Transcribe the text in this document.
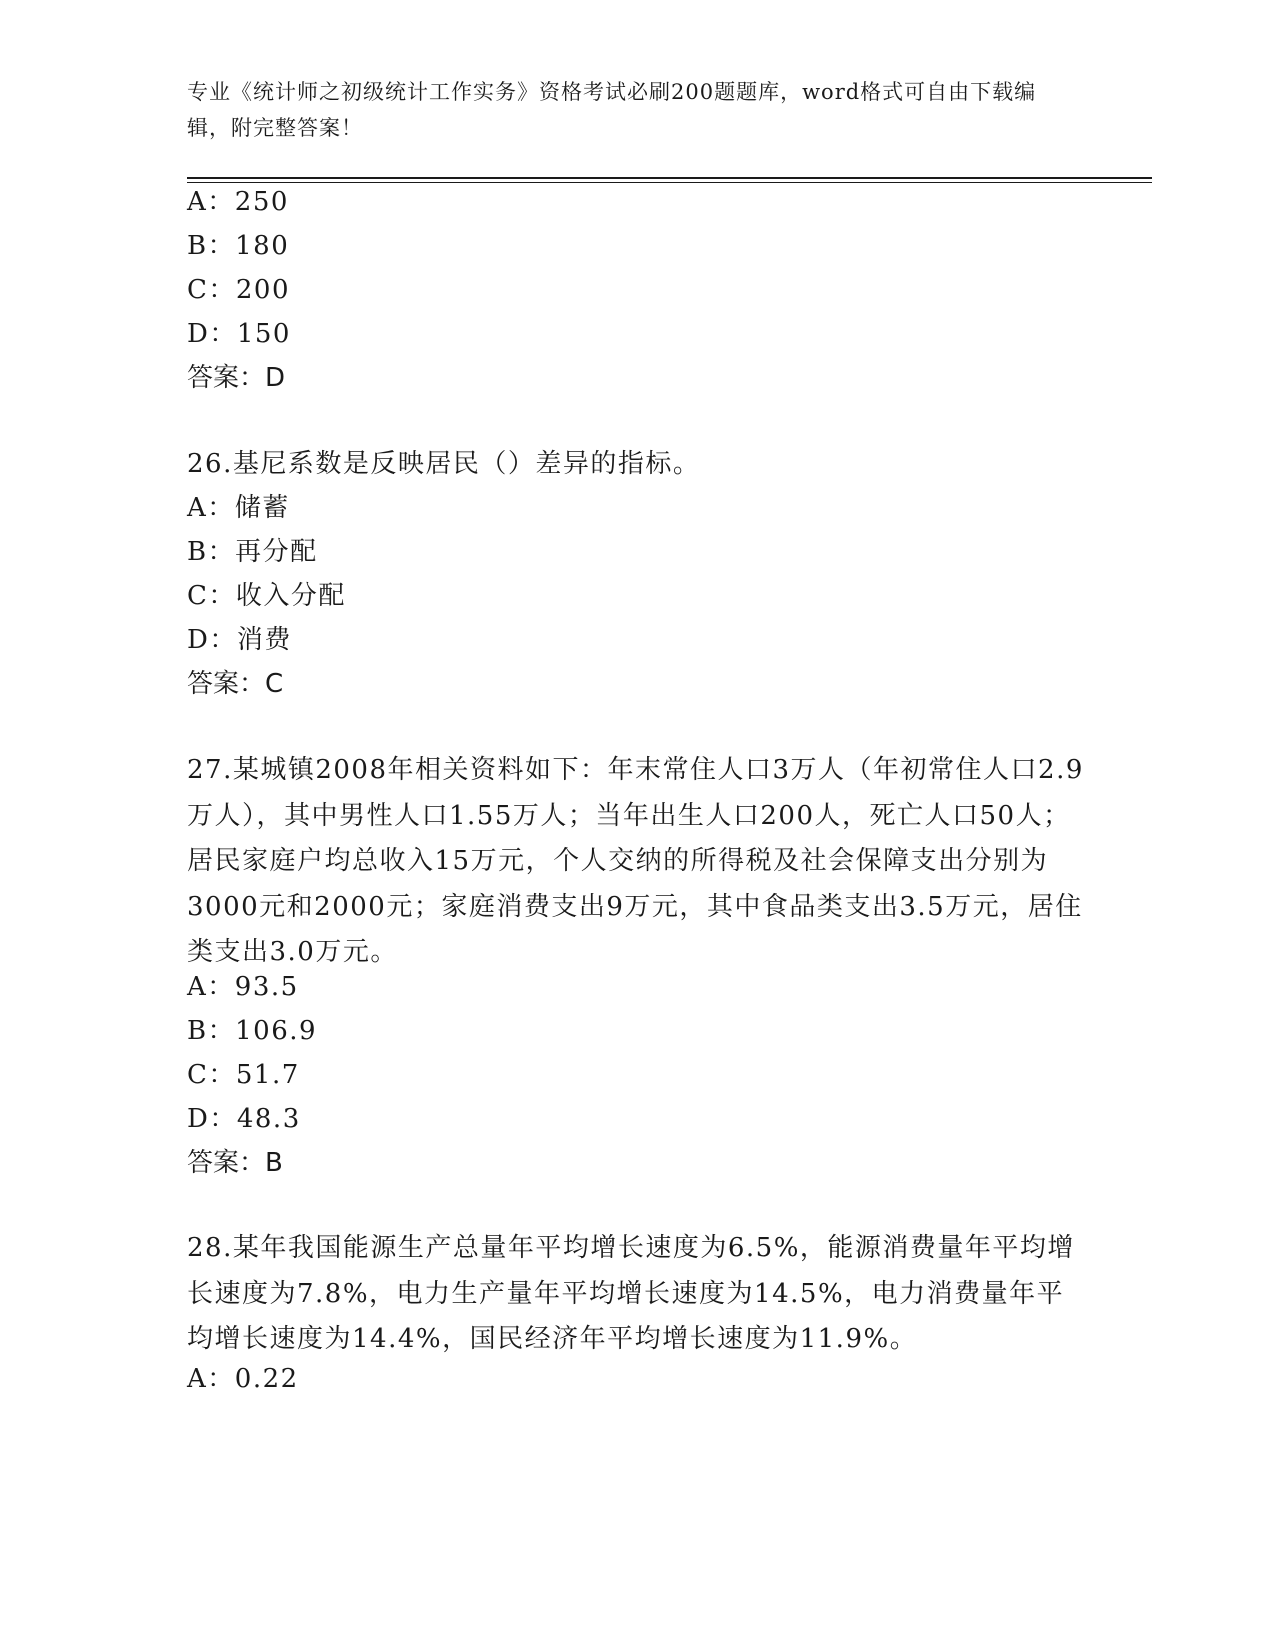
专业《统计师之初级统计工作实务》资格考试必刷200题题库，word格式可自由下载编辑，附完整答案！
A：250
B：180
C：200
D：150
答案：D
26.基尼系数是反映居民（）差异的指标。
A：储蓄
B：再分配
C：收入分配
D：消费
答案：C
27.某城镇2008年相关资料如下：年末常住人口3万人（年初常住人口2.9万人），其中男性人口1.55万人；当年出生人口200人，死亡人口50人；居民家庭户均总收入15万元，个人交纳的所得税及社会保障支出分别为3000元和2000元；家庭消费支出9万元，其中食品类支出3.5万元，居住类支出3.0万元。
A：93.5
B：106.9
C：51.7
D：48.3
答案：B
28.某年我国能源生产总量年平均增长速度为6.5%，能源消费量年平均增长速度为7.8%，电力生产量年平均增长速度为14.5%，电力消费量年平均增长速度为14.4%，国民经济年平均增长速度为11.9%。
A：0.22
